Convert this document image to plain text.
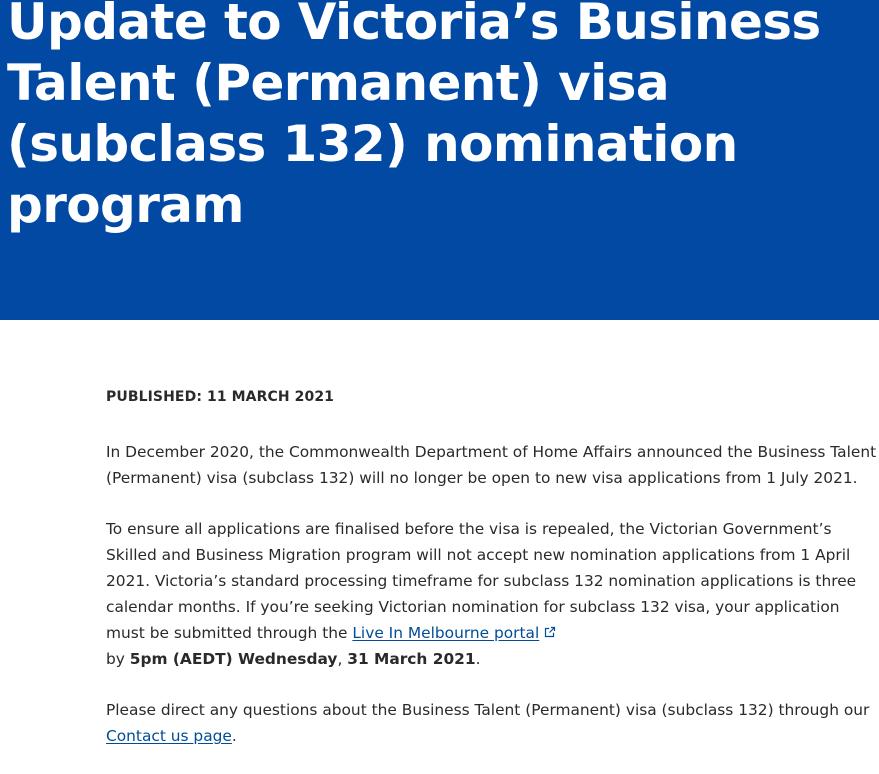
Update to Victoria’s Business Talent (Permanent) visa (subclass 132) nomination program

PUBLISHED: 11 MARCH 2021

In December 2020, the Commonwealth Department of Home Affairs announced the Business Talent (Permanent) visa (subclass 132) will no longer be open to new visa applications from 1 July 2021.

To ensure all applications are finalised before the visa is repealed, the Victorian Government’s Skilled and Business Migration program will not accept new nomination applications from 1 April 2021. Victoria’s standard processing timeframe for subclass 132 nomination applications is three calendar months. If you’re seeking Victorian nomination for subclass 132 visa, your application must be submitted through the Live In Melbourne portal
by 5pm (AEDT) Wednesday, 31 March 2021.

Please direct any questions about the Business Talent (Permanent) visa (subclass 132) through our Contact us page.
